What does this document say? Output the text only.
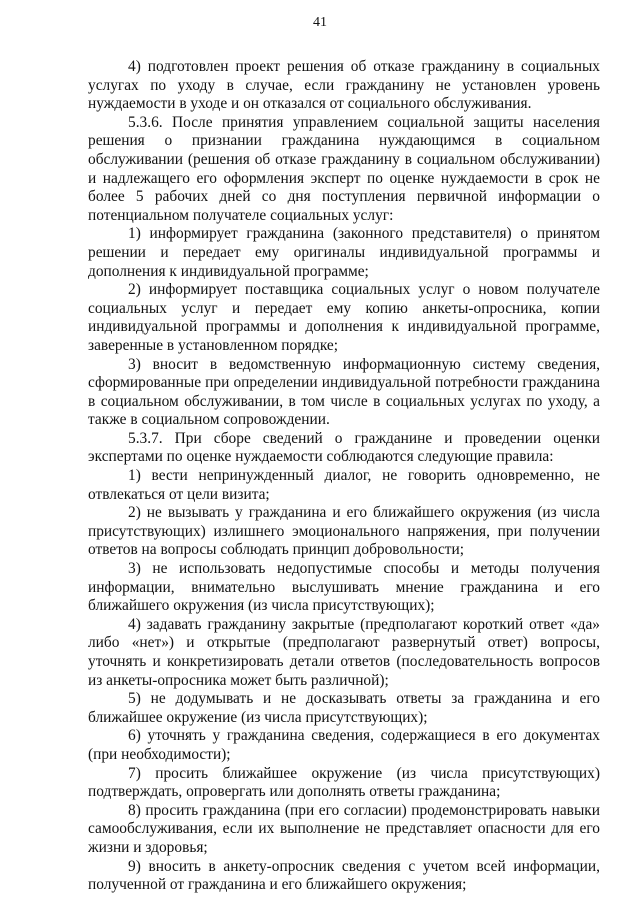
41

4) подготовлен проект решения об отказе гражданину в социальных услугах по уходу в случае, если гражданину не установлен уровень нуждаемости в уходе и он отказался от социального обслуживания.

5.3.6. После принятия управлением социальной защиты населения решения о признании гражданина нуждающимся в социальном обслуживании (решения об отказе гражданину в социальном обслуживании) и надлежащего его оформления эксперт по оценке нуждаемости в срок не более 5 рабочих дней со дня поступления первичной информации о потенциальном получателе социальных услуг:

1) информирует гражданина (законного представителя) о принятом решении и передает ему оригиналы индивидуальной программы и дополнения к индивидуальной программе;

2) информирует поставщика социальных услуг о новом получателе социальных услуг и передает ему копию анкеты-опросника, копии индивидуальной программы и дополнения к индивидуальной программе, заверенные в установленном порядке;

3) вносит в ведомственную информационную систему сведения, сформированные при определении индивидуальной потребности гражданина в социальном обслуживании, в том числе в социальных услугах по уходу, а также в социальном сопровождении.

5.3.7. При сборе сведений о гражданине и проведении оценки экспертами по оценке нуждаемости соблюдаются следующие правила:

1) вести непринужденный диалог, не говорить одновременно, не отвлекаться от цели визита;

2) не вызывать у гражданина и его ближайшего окружения (из числа присутствующих) излишнего эмоционального напряжения, при получении ответов на вопросы соблюдать принцип добровольности;

3) не использовать недопустимые способы и методы получения информации, внимательно выслушивать мнение гражданина и его ближайшего окружения (из числа присутствующих);

4) задавать гражданину закрытые (предполагают короткий ответ «да» либо «нет») и открытые (предполагают развернутый ответ) вопросы, уточнять и конкретизировать детали ответов (последовательность вопросов из анкеты-опросника может быть различной);

5) не додумывать и не досказывать ответы за гражданина и его ближайшее окружение (из числа присутствующих);

6) уточнять у гражданина сведения, содержащиеся в его документах (при необходимости);

7) просить ближайшее окружение (из числа присутствующих) подтверждать, опровергать или дополнять ответы гражданина;

8) просить гражданина (при его согласии) продемонстрировать навыки самообслуживания, если их выполнение не представляет опасности для его жизни и здоровья;

9) вносить в анкету-опросник сведения с учетом всей информации, полученной от гражданина и его ближайшего окружения;
